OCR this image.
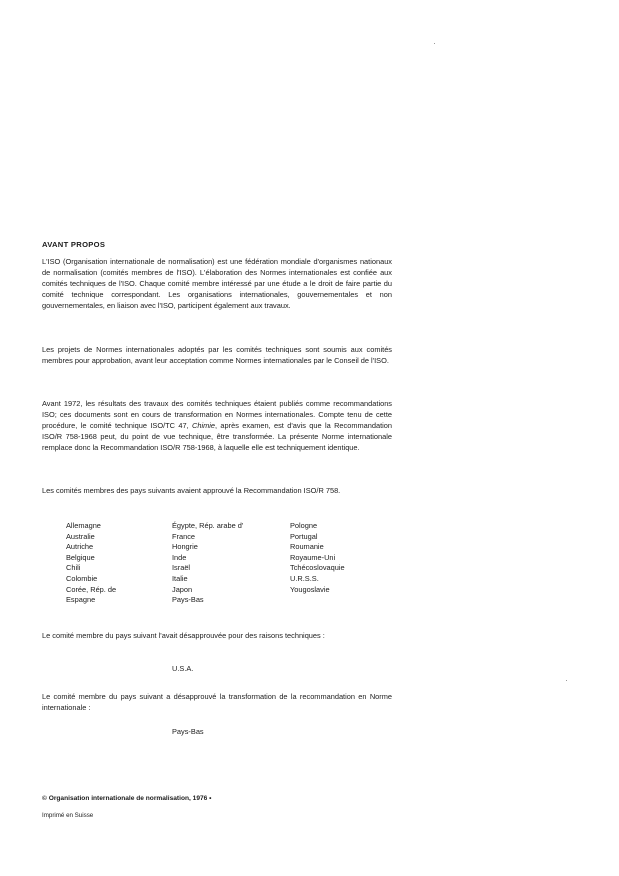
AVANT PROPOS

L'ISO (Organisation internationale de normalisation) est une fédération mondiale d'organismes nationaux de normalisation (comités membres de l'ISO). L'élaboration des Normes internationales est confiée aux comités techniques de l'ISO. Chaque comité membre intéressé par une étude a le droit de faire partie du comité technique correspondant. Les organisations internationales, gouvernementales et non gouvernementales, en liaison avec l'ISO, participent également aux travaux.

Les projets de Normes internationales adoptés par les comités techniques sont soumis aux comités membres pour approbation, avant leur acceptation comme Normes internationales par le Conseil de l'ISO.

Avant 1972, les résultats des travaux des comités techniques étaient publiés comme recommandations ISO; ces documents sont en cours de transformation en Normes internationales. Compte tenu de cette procédure, le comité technique ISO/TC 47, Chimie, après examen, est d'avis que la Recommandation ISO/R 758-1968 peut, du point de vue technique, être transformée. La présente Norme internationale remplace donc la Recommandation ISO/R 758-1968, à laquelle elle est techniquement identique.

Les comités membres des pays suivants avaient approuvé la Recommandation ISO/R 758.

Allemagne	Égypte, Rép. arabe d'	Pologne
Australie	France	Portugal
Autriche	Hongrie	Roumanie
Belgique	Inde	Royaume-Uni
Chili	Israël	Tchécoslovaquie
Colombie	Italie	U.R.S.S.
Corée, Rép. de	Japon	Yougoslavie
Espagne	Pays-Bas

Le comité membre du pays suivant l'avait désapprouvée pour des raisons techniques :

U.S.A.

Le comité membre du pays suivant a désapprouvé la transformation de la recommandation en Norme internationale :

Pays-Bas
© Organisation internationale de normalisation, 1976 •
Imprimé en Suisse
